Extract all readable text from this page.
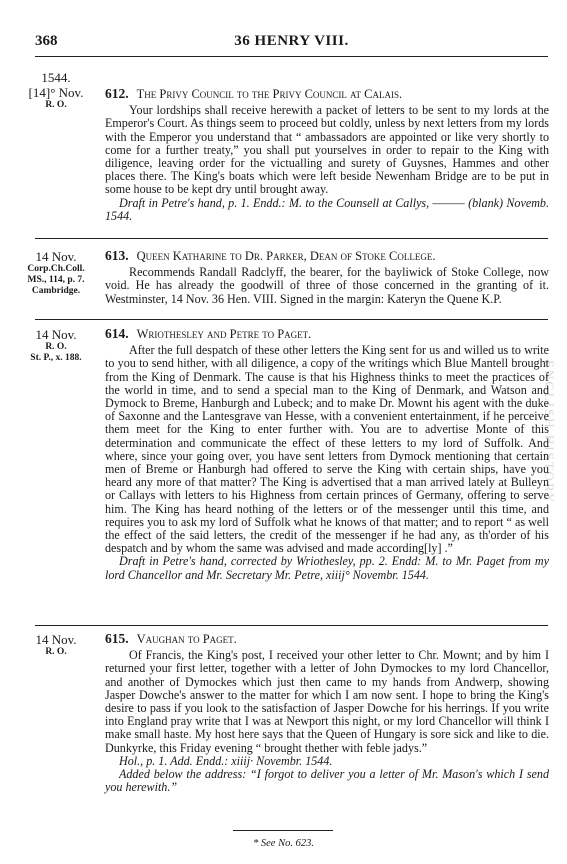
368	36 HENRY VIII.
ENGLISH HISTORY
1544.
[14]° Nov.
R. O.

612. The Privy Council to the Privy Council at Calais.

Your lordships shall receive herewith a packet of letters to be sent to my lords at the Emperor's Court. As things seem to proceed but coldly, unless by next letters from my lords with the Emperor you understand that “ ambassadors are appointed or like very shortly to come for a further treaty,” you shall put yourselves in order to repair to the King with diligence, leaving order for the victualling and surety of Guysnes, Hammes and other places there. The King's boats which were left beside Newenham Bridge are to be put in some house to be kept dry until brought away.

Draft in Petre's hand, p. 1. Endd.: M. to the Counsell at Callys, ——— (blank) Novemb. 1544.

14 Nov.
Corp.Ch.Coll.
MS., 114, p. 7.
Cambridge.

613. Queen Katharine to Dr. Parker, Dean of Stoke College.

Recommends Randall Radclyff, the bearer, for the bayliwick of Stoke College, now void. He has already the goodwill of three of those concerned in the granting of it. Westminster, 14 Nov. 36 Hen. VIII. Signed in the margin: Kateryn the Quene K.P.

14 Nov.
R. O.
St. P., x. 188.

614. Wriothesley and Petre to Paget.

After the full despatch of these other letters the King sent for us and willed us to write to you to send hither, with all diligence, a copy of the writings which Blue Mantell brought from the King of Denmark. The cause is that his Highness thinks to meet the practices of the world in time, and to send a special man to the King of Denmark, and Watson and Dymock to Breme, Hanburgh and Lubeck; and to make Dr. Mownt his agent with the duke of Saxonne and the Lantesgrave van Hesse, with a convenient entertainment, if he perceive them meet for the King to enter further with. You are to advertise Monte of this determination and communicate the effect of these letters to my lord of Suffolk. And where, since your going over, you have sent letters from Dymock mentioning that certain men of Breme or Hanburgh had offered to serve the King with certain ships, have you heard any more of that matter? The King is advertised that a man arrived lately at Bulleyn or Callays with letters to his Highness from certain princes of Germany, offering to serve him. The King has heard nothing of the letters or of the messenger until this time, and requires you to ask my lord of Suffolk what he knows of that matter; and to report “ as well the effect of the said letters, the credit of the messenger if he had any, as th'order of his despatch and by whom the same was advised and made according[ly] .”

Draft in Petre's hand, corrected by Wriothesley, pp. 2. Endd: M. to Mr. Paget from my lord Chancellor and Mr. Secretary Mr. Petre, xiiij° Novembr. 1544.

14 Nov.
R. O.

615. Vaughan to Paget.

Of Francis, the King's post, I received your other letter to Chr. Mownt; and by him I returned your first letter, together with a letter of John Dymockes to my lord Chancellor, and another of Dymockes which just then came to my hands from Andwerp, showing Jasper Dowche's answer to the matter for which I am now sent. I hope to bring the King's desire to pass if you look to the satisfaction of Jasper Dowche for his herrings. If you write into England pray write that I was at Newport this night, or my lord Chancellor will think I make small haste. My host here says that the Queen of Hungary is sore sick and like to die. Dunkyrke, this Friday evening “ brought thether with feble jadys.”

Hol., p. 1. Add. Endd.: xiiij· Novembr. 1544.

Added below the address: “I forgot to deliver you a letter of Mr. Mason's which I send you herewith.”

* See No. 623.
